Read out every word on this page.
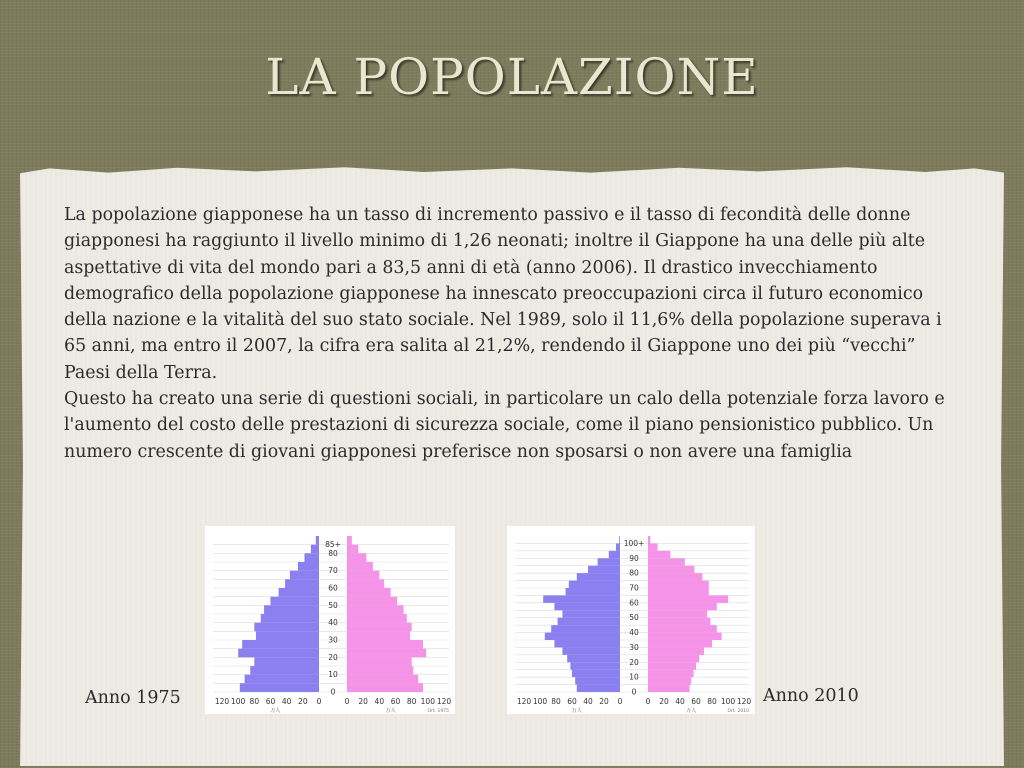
LA POPOLAZIONE

La popolazione giapponese ha un tasso di incremento passivo e il tasso di fecondità delle donne giapponesi ha raggiunto il livello minimo di 1,26 neonati; inoltre il Giappone ha una delle più alte aspettative di vita del mondo pari a 83,5 anni di età (anno 2006). Il drastico invecchiamento demografico della popolazione giapponese ha innescato preoccupazioni circa il futuro economico della nazione e la vitalità del suo stato sociale. Nel 1989, solo il 11,6% della popolazione superava i 65 anni, ma entro il 2007, la cifra era salita al 21,2%, rendendo il Giappone uno dei più “vecchi” Paesi della Terra.

Questo ha creato una serie di questioni sociali, in particolare un calo della potenziale forza lavoro e l'aumento del costo delle prestazioni di sicurezza sociale, come il piano pensionistico pubblico. Un numero crescente di giovani giapponesi preferisce non sposarsi o non avere una famiglia

85+
80
70
60
50
40
30
20
10
0
120 100 80 60 40 20 0	0 20 40 60 80 100 120
万人	万人	Ort. 1975
100+
90
80
70
60
50
40
30
20
10
0
120 100 80 60 40 20 0	0 20 40 60 80 100 120
万人	万人	Ort. 2010
Anno 1975	Anno 2010
